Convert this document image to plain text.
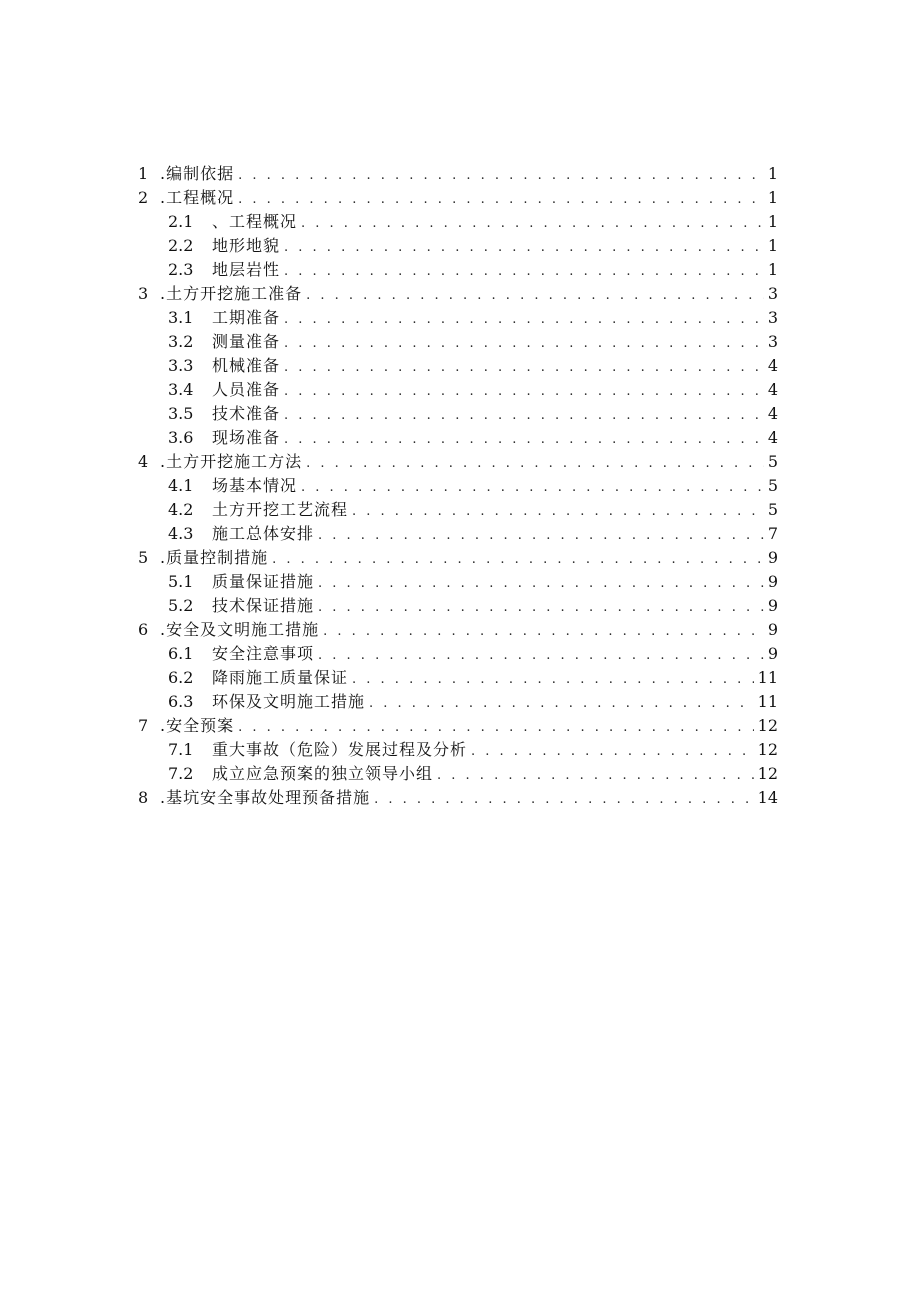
1 .编制依据 . . .	1
2 .工程概况 . . .	1
2.1	、工程概况 . . .	1
2.2	地形地貌 . . .	1
2.3	地层岩性 . . .	1
3 .土方开挖施工准备 . . .	3
3.1	工期准备 . . .	3
3.2	测量准备 . . .	3
3.3	机械准备 . . .	4
3.4	人员准备 . . .	4
3.5	技术准备 . . .	4
3.6	现场准备 . . .	4
4 .土方开挖施工方法 . . .	5
4.1	场基本情况 . . .	5
4.2	土方开挖工艺流程 . . .	5
4.3	施工总体安排 . . .	7
5 .质量控制措施 . . .	9
5.1	质量保证措施 . . .	9
5.2	技术保证措施 . . .	9
6 .安全及文明施工措施 . . .	9
6.1	安全注意事项 . . .	9
6.2	降雨施工质量保证 . . .	11
6.3	环保及文明施工措施 . . .	11
7 .安全预案 . . .	12
7.1	重大事故（危险）发展过程及分析 . . .	12
7.2	成立应急预案的独立领导小组 . . .	12
8 .基坑安全事故处理预备措施 . . .	14
